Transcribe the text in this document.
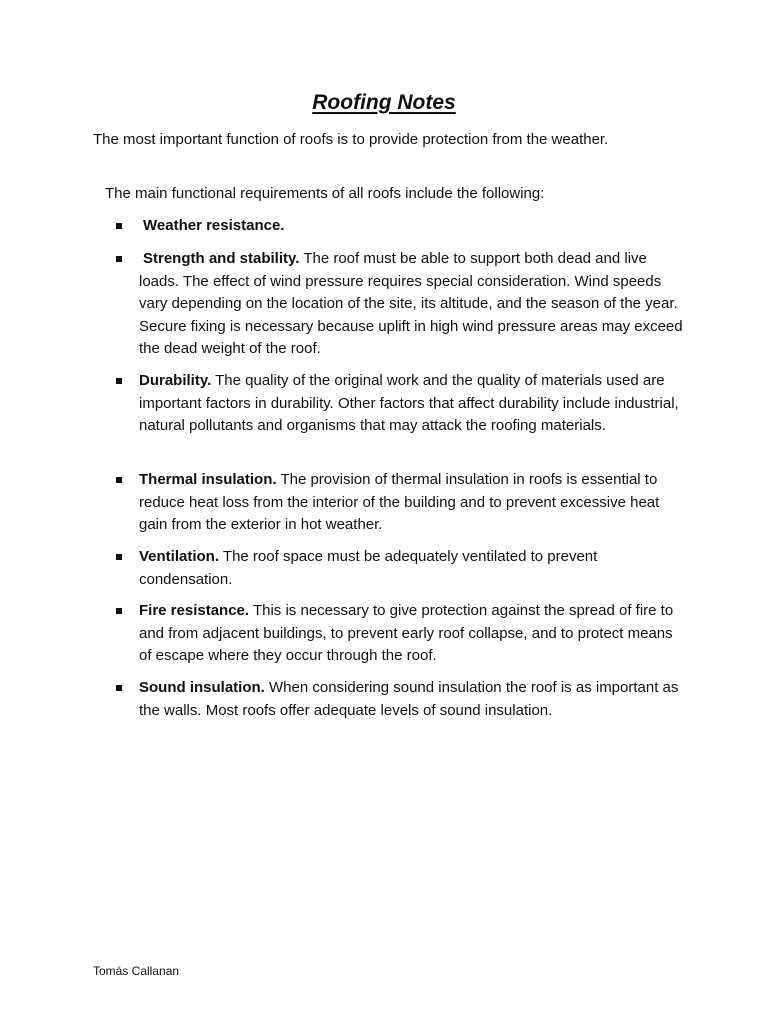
Roofing Notes
The most important function of roofs is to provide protection from the weather.
The main functional requirements of all roofs include the following:
Weather resistance.
Strength and stability. The roof must be able to support both dead and live loads. The effect of wind pressure requires special consideration. Wind speeds vary depending on the location of the site, its altitude, and the season of the year. Secure fixing is necessary because uplift in high wind pressure areas may exceed the dead weight of the roof.
Durability. The quality of the original work and the quality of materials used are important factors in durability. Other factors that affect durability include industrial, natural pollutants and organisms that may attack the roofing materials.
Thermal insulation. The provision of thermal insulation in roofs is essential to reduce heat loss from the interior of the building and to prevent excessive heat gain from the exterior in hot weather.
Ventilation. The roof space must be adequately ventilated to prevent condensation.
Fire resistance. This is necessary to give protection against the spread of fire to and from adjacent buildings, to prevent early roof collapse, and to protect means of escape where they occur through the roof.
Sound insulation. When considering sound insulation the roof is as important as the walls. Most roofs offer adequate levels of sound insulation.
Tomás Callanan
